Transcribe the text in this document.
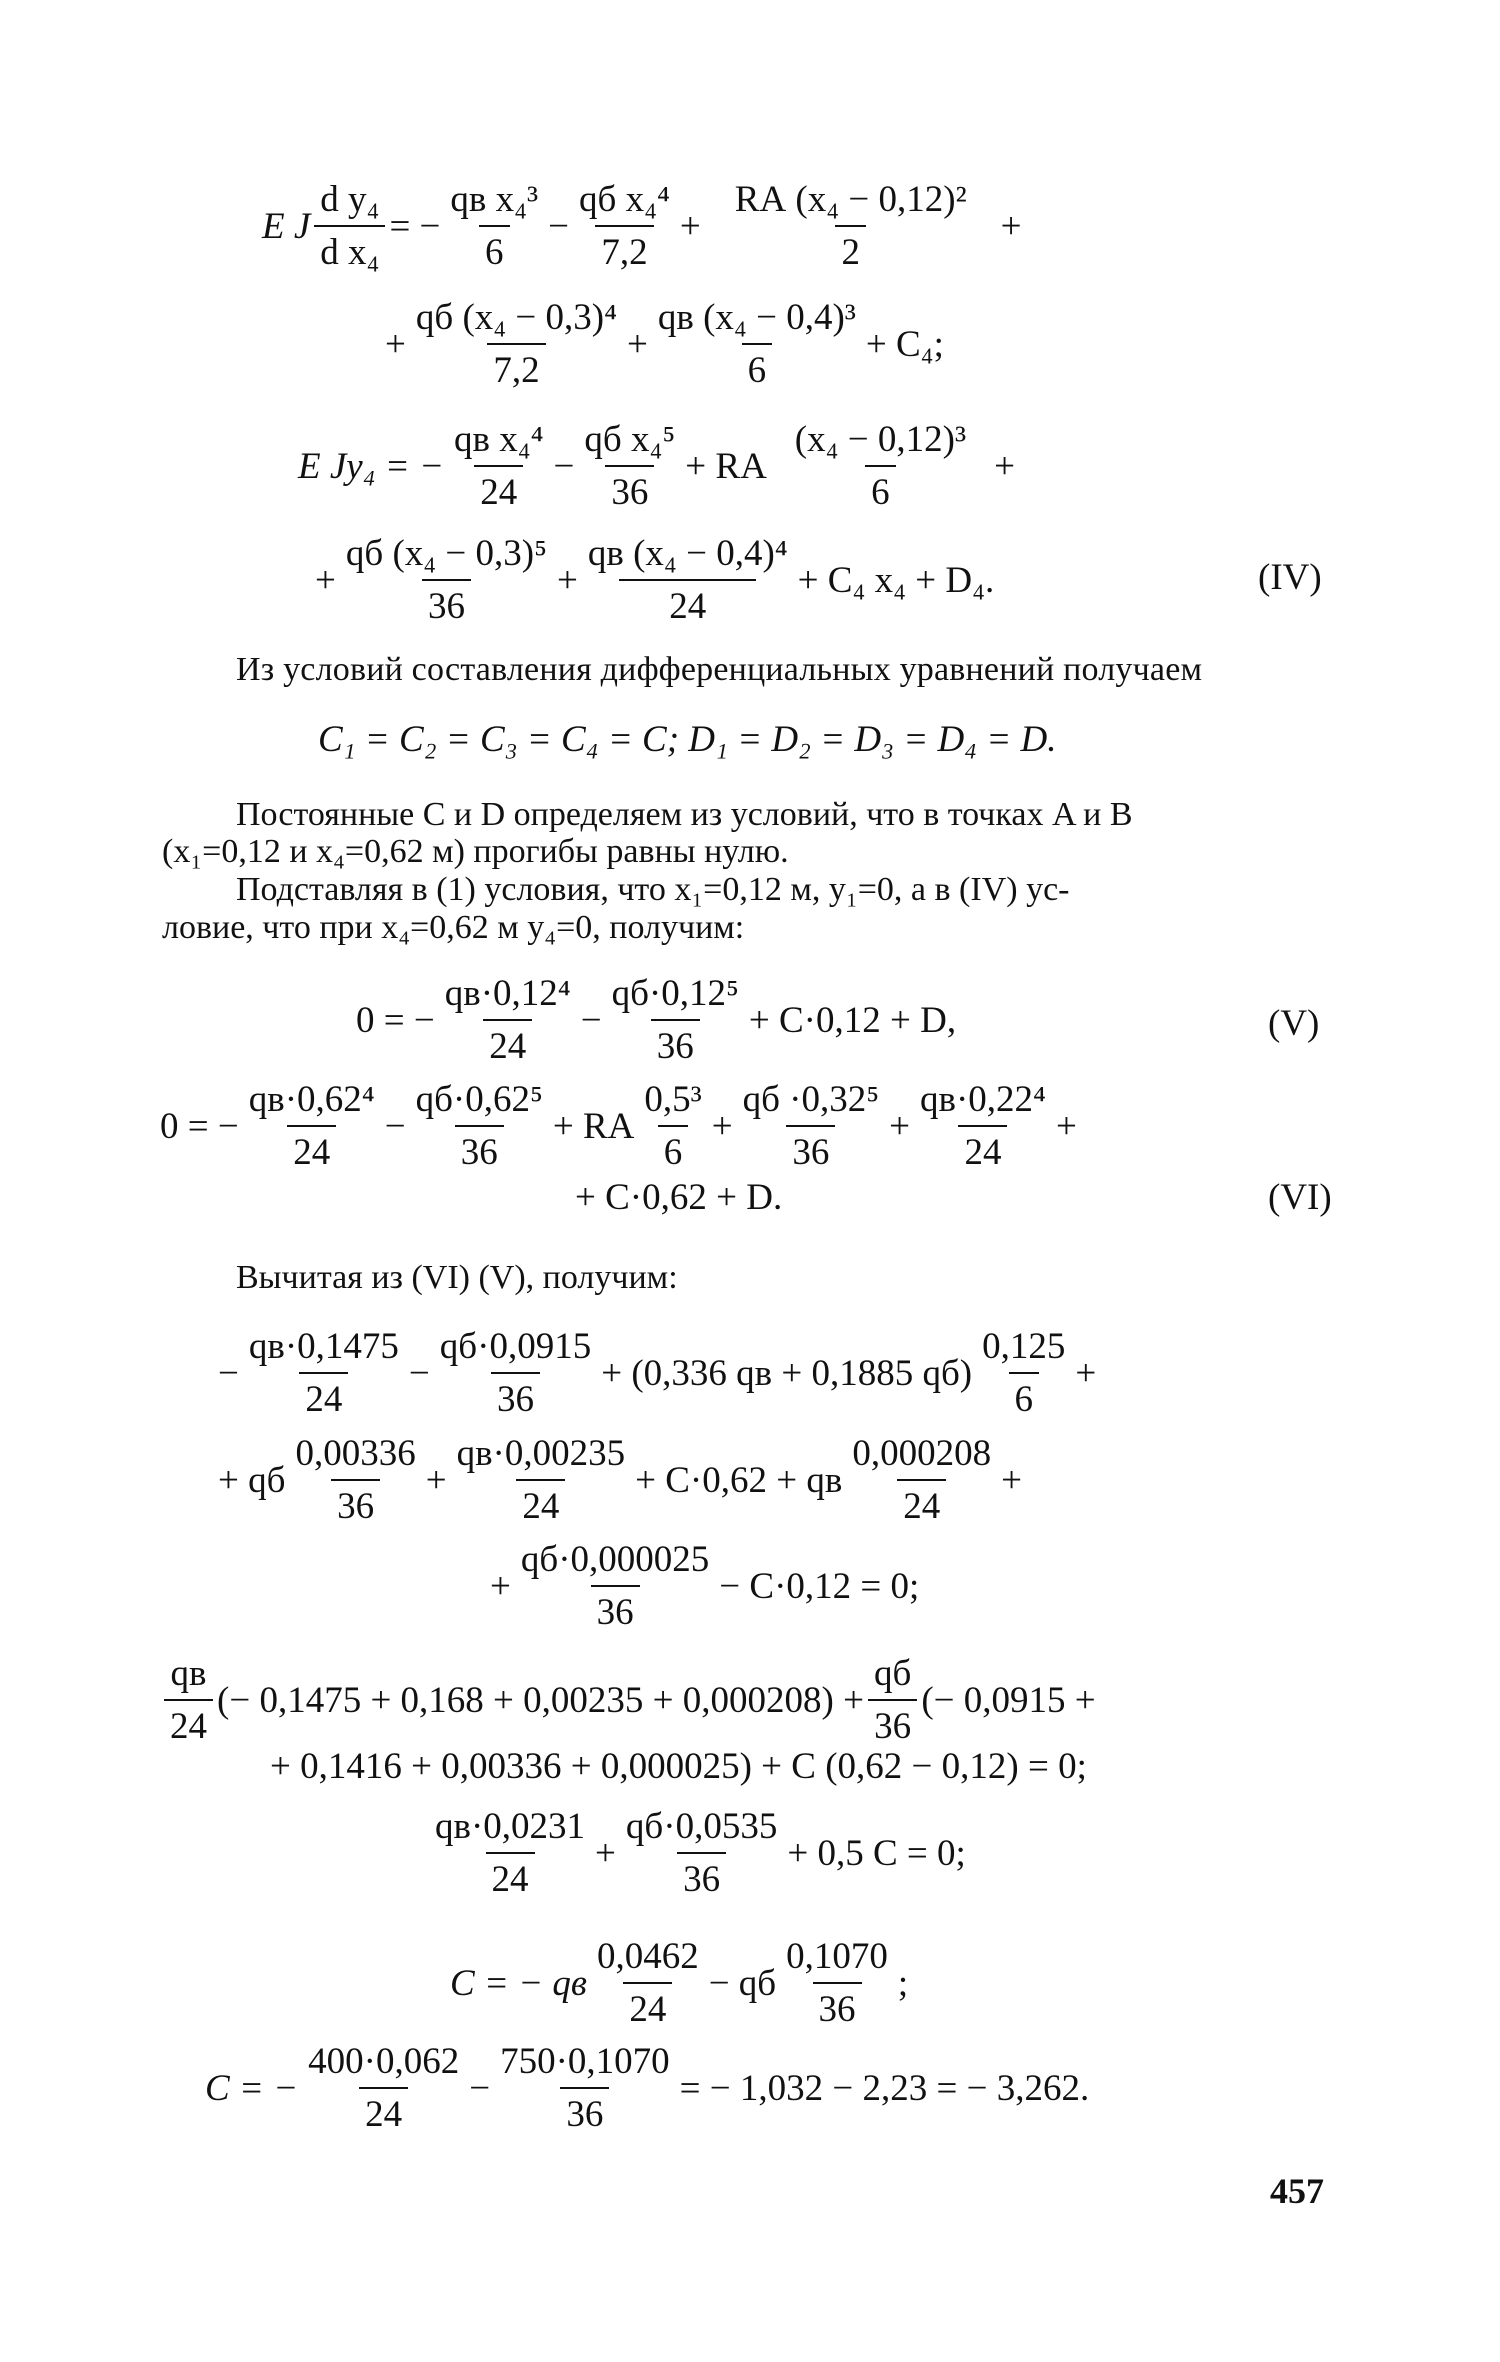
E J $\frac{\text{d y₄}}{\text{d x₄}}$ = − $\frac{\text{qв x₄³}}{6} - \frac{\text{qб x₄⁴}}{7,2} + \frac{\text{RА (x₄ − 0,12)²}}{2}$ +
+ $\frac{\text{qб (x₄ − 0,3)⁴}}{7,2} + \frac{\text{qв (x₄ − 0,4)³}}{6} + C_4$;
E Jy₄ = − $\frac{\text{qв x₄⁴}}{24} - \frac{\text{qб x₄⁵}}{36}$ + RА $\frac{\text{(x₄ − 0,12)³}}{6}$ +
+ $\frac{\text{qб (x₄ − 0,3)⁵}}{36} + \frac{\text{qв (x₄ − 0,4)⁴}}{24} + C_4$ x₄ + D₄.	(IV)
Из условий составления дифференциальных уравнений получаем
C₁ = C₂ = C₃ = C₄ = C; D₁ = D₂ = D₃ = D₄ = D.
Постоянные C и D определяем из условий, что в точках A и B
(x₁=0,12 и x₄=0,62 м) прогибы равны нулю.
Подставляя в (1) условия, что x₁=0,12 м, y₁=0, а в (IV) ус-
ловие, что при x₄=0,62 м y₄=0, получим:
0 = − $\frac{\text{qв·0,12⁴}}{24} - \frac{\text{qб·0,12⁵}}{36} + C\cdot 0,12 + D$,	(V)
0 = − $\frac{\text{qв·0,62⁴}}{24} - \frac{\text{qб·0,62⁵}}{36}$ + RА $\frac{\text{0,5³}}{6} + \frac{\text{qб ·0,32⁵}}{36} + \frac{\text{qв·0,22⁴}}{24}$ +
+ C·0,62 + D.	(VI)
Вычитая из (VI) (V), получим:
− $\frac{qв\cdot 0,1475}{24} - \frac{qб\cdot 0,0915}{36} + (0,336$ qв + 0,1885 $qб) \frac{0,125}{6}$ +
+ qб $\frac{0,00336}{36} + \frac{qв\cdot 0,00235}{24} + C\cdot 0,62$ + qв $\frac{0,000208}{24}$ +
+ $\frac{qб\cdot 0,000025}{36} - C\cdot 0,12 = 0$;
$\frac{qв}{24}$ (− $0,1475 + 0,168 + 0,00235 + 0,000208) + \frac{qб}{36}$ (− 0,0915 +
+ 0,1416 + 0,00336 + 0,000025) + C (0,62 − 0,12) = 0;
$\frac{qв\cdot 0,0231}{24} + \frac{qб\cdot 0,0535}{36} + 0,5$ C = 0;
C = − qв $\frac{0,0462}{24}$ − qб $\frac{0,1070}{36}$ ;
C = − $\frac{400\cdot 0,062}{24} - \frac{750\cdot 0,1070}{36}$ = − 1,032 − 2,23 = − 3,262.
457
